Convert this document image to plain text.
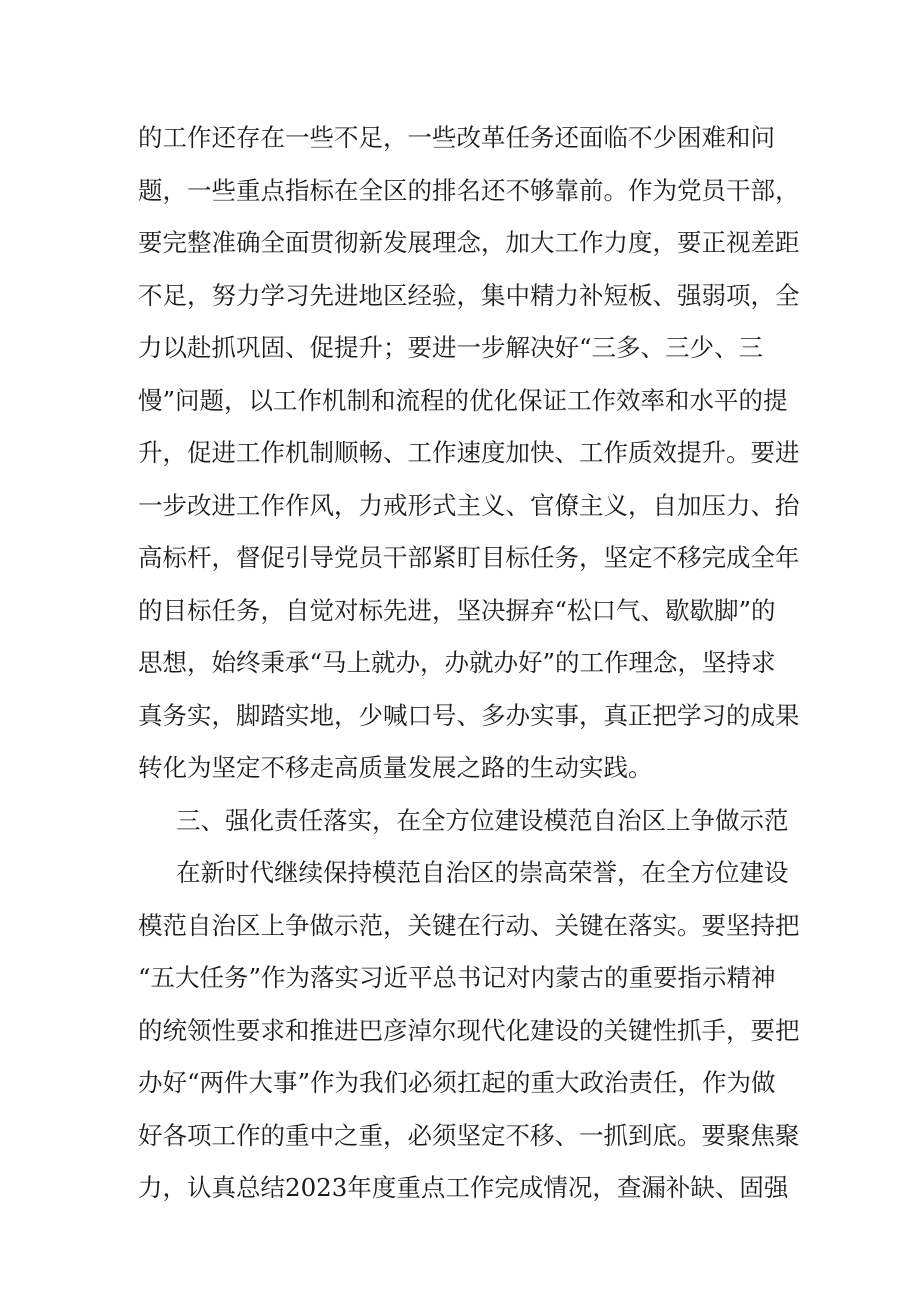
的工作还存在一些不足，一些改革任务还面临不少困难和问
题，一些重点指标在全区的排名还不够靠前。作为党员干部，
要完整准确全面贯彻新发展理念，加大工作力度，要正视差距
不足，努力学习先进地区经验，集中精力补短板、强弱项，全
力以赴抓巩固、促提升；要进一步解决好“三多、三少、三
慢”问题，以工作机制和流程的优化保证工作效率和水平的提
升，促进工作机制顺畅、工作速度加快、工作质效提升。要进
一步改进工作作风，力戒形式主义、官僚主义，自加压力、抬
高标杆，督促引导党员干部紧盯目标任务，坚定不移完成全年
的目标任务，自觉对标先进，坚决摒弃“松口气、歇歇脚”的
思想，始终秉承“马上就办，办就办好”的工作理念，坚持求
真务实，脚踏实地，少喊口号、多办实事，真正把学习的成果
转化为坚定不移走高质量发展之路的生动实践。
三、强化责任落实，在全方位建设模范自治区上争做示范
在新时代继续保持模范自治区的崇高荣誉，在全方位建设
模范自治区上争做示范，关键在行动、关键在落实。要坚持把
“五大任务”作为落实习近平总书记对内蒙古的重要指示精神
的统领性要求和推进巴彦淖尔现代化建设的关键性抓手，要把
办好“两件大事”作为我们必须扛起的重大政治责任，作为做
好各项工作的重中之重，必须坚定不移、一抓到底。要聚焦聚
力，认真总结2023年度重点工作完成情况，查漏补缺、固强
